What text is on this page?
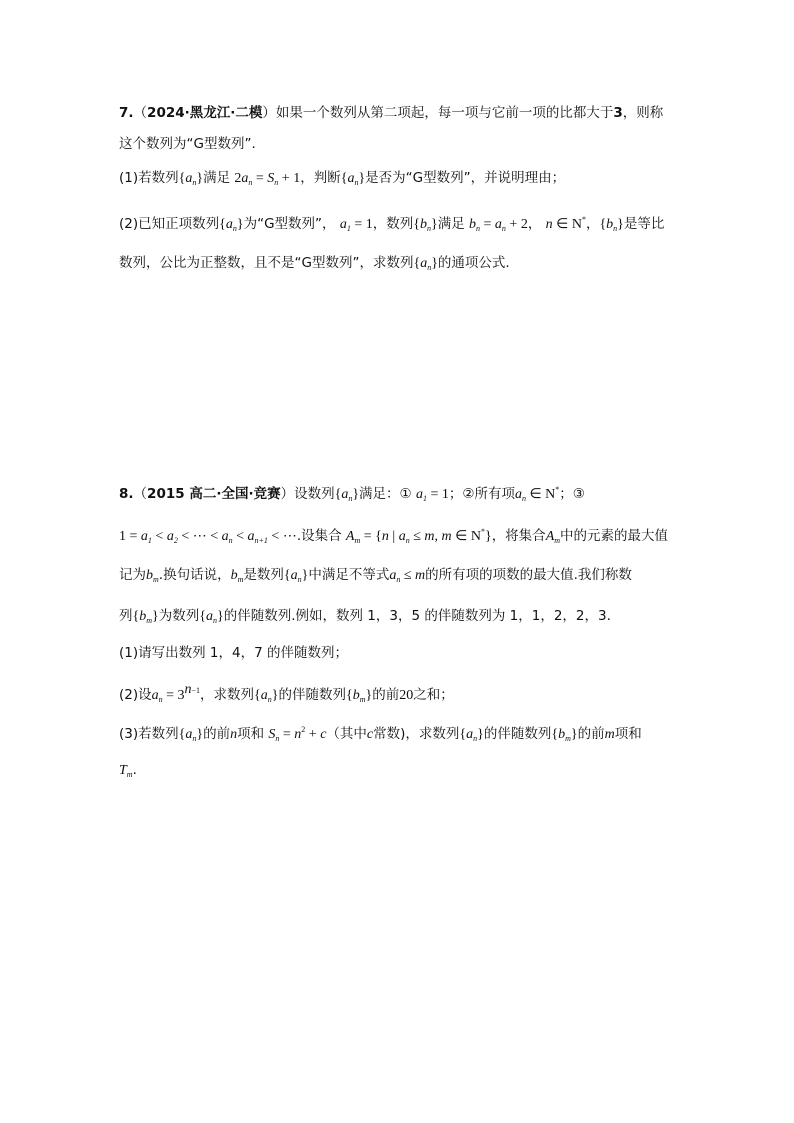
7.（2024·黑龙江·二模）如果一个数列从第二项起，每一项与它前一项的比都大于3，则称
这个数列为“G型数列”.
(1)若数列$\{a_n\}$满足 $2a_n = S_n + 1$，判断$\{a_n\}$是否为“G型数列”，并说明理由；
(2)已知正项数列$\{a_n\}$为“G型数列”， $a_1 = 1$，数列$\{b_n\}$满足 $b_n = a_n + 2$， n ∈ N*，$\{b_n\}$是等比
数列，公比为正整数，且不是“G型数列”，求数列$\{a_n\}$的通项公式.
8.（2015 高二·全国·竞赛）设数列$\{a_n\}$满足：① $a_1 = 1$；②所有项$a_n$ ∈ N*；③
$1 = a_1 < a_2$ < ⋯ < $a_n < a_{n+1}$ < ⋯.设集合 $A_m = \{n$ | $a_n \le m$, m ∈ N*}，将集合$A_m$中的元素的最大值
记为$b_m$.换句话说，$b_m$是数列$\{a_n\}$中满足不等式$a_n \le m$的所有项的项数的最大值.我们称数
列$\{b_m\}$为数列$\{a_n\}$的伴随数列.例如，数列 1，3，5 的伴随数列为 1，1，2，2，3.
(1)请写出数列 1，4，7 的伴随数列；
(2)设$a_n = 3^{n-1}$，求数列$\{a_n\}$的伴随数列$\{b_m\}$的前20之和；
(3)若数列$\{a_n\}$的前n项和 $S_n = n^2 + c$（其中c常数)，求数列$\{a_n\}$的伴随数列$\{b_m\}$的前m项和
$T_m$.
